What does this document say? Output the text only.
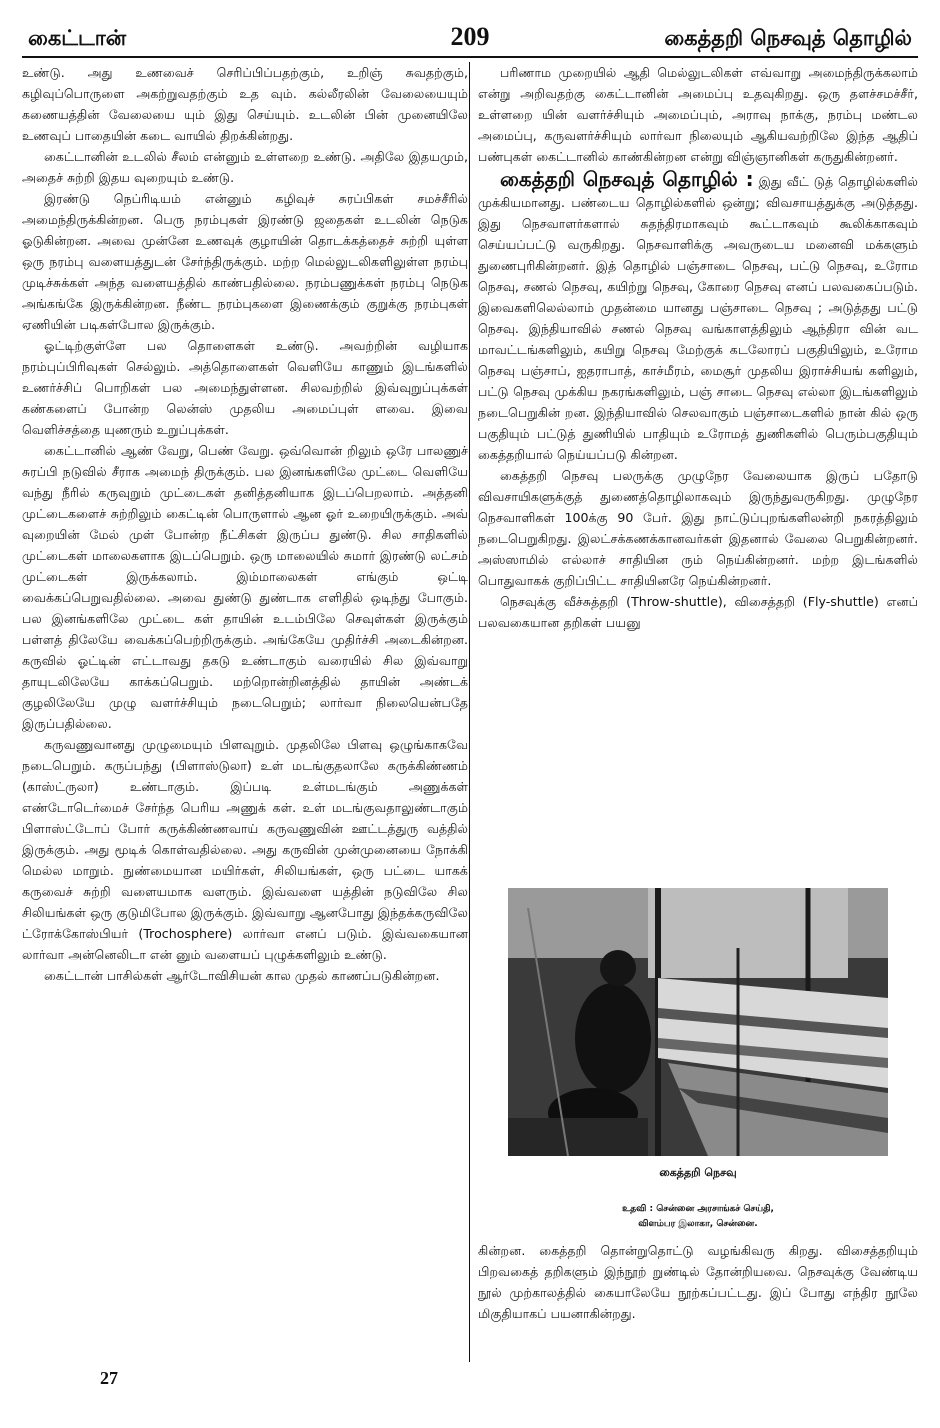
கைட்டான்	209	கைத்தறி நெசவுத் தொழில்

உண்டு. அது உணவைச் செரிப்பிப்பதற்கும், உறிஞ் சுவதற்கும், கழிவுப்பொருளை அகற்றுவதற்கும் உத வும். கல்லீரலின் வேலையையும் கணையத்தின் வேலையை யும் இது செய்யும். உடலின் பின் முனையிலே உணவுப் பாதையின் கடை வாயில் திறக்கின்றது.

கைட்டானின் உடலில் சீலம் என்னும் உள்ளறை உண்டு. அதிலே இதயமும், அதைச் சுற்றி இதய வுறையும் உண்டு.

இரண்டு நெப்ரிடியம் என்னும் கழிவுச் சுரப்பிகள் சமச்சீரில் அமைந்திருக்கின்றன. பெரு நரம்புகள் இரண்டு ஜதைகள் உடலின் நெடுக ஓடுகின்றன. அவை முன்னே உணவுக் குழாயின் தொடக்கத்தைச் சுற்றி யுள்ள ஒரு நரம்பு வளையத்துடன் சேர்ந்திருக்கும். மற்ற மெல்லுடலிகளிலுள்ள நரம்பு முடிச்சுக்கள் அந்த வளையத்தில் காண்பதில்லை. நரம்பணுக்கள் நரம்பு நெடுக அங்கங்கே இருக்கின்றன. நீண்ட நரம்புகளை இணைக்கும் குறுக்கு நரம்புகள் ஏணியின் படிகள்போல இருக்கும்.

ஓட்டிற்குள்ளே பல தொளைகள் உண்டு. அவற்றின் வழியாக நரம்புப்பிரிவுகள் செல்லும். அத்தொளைகள் வெளியே காணும் இடங்களில் உணர்ச்சிப் பொறிகள் பல அமைந்துள்ளன. சிலவற்றில் இவ்வுறுப்புக்கள் கண்களைப் போன்ற லென்ஸ் முதலிய அமைப்புள் ளவை. இவை வெளிச்சத்தை யுணரும் உறுப்புக்கள்.

கைட்டானில் ஆண் வேறு, பெண் வேறு. ஒவ்வொன் றிலும் ஒரே பாலணுச் சுரப்பி நடுவில் சீராக அமைந் திருக்கும். பல இனங்களிலே முட்டை வெளியே வந்து நீரில் கருவுறும் முட்டைகள் தனித்தனியாக இடப்பெறலாம். அத்தனி முட்டைகளைச் சுற்றிலும் கைட்டின் பொருளால் ஆன ஓர் உறையிருக்கும். அவ் வுறையின் மேல் முள் போன்ற நீட்சிகள் இருப்ப துண்டு. சில சாதிகளில் முட்டைகள் மாலைகளாக இடப்பெறும். ஒரு மாலையில் சுமார் இரண்டு லட்சம் முட்டைகள் இருக்கலாம். இம்மாலைகள் எங்கும் ஒட்டி வைக்கப்பெறுவதில்லை. அவை துண்டு துண்டாக எளிதில் ஒடிந்து போகும். பல இனங்களிலே முட்டை கள் தாயின் உடம்பிலே செவுள்கள் இருக்கும் பள்ளத் திலேயே வைக்கப்பெற்றிருக்கும். அங்கேயே முதிர்ச்சி அடைகின்றன. கருவில் ஓட்டின் எட்டாவது தகடு உண்டாகும் வரையில் சில இவ்வாறு தாயுடலிலேயே காக்கப்பெறும். மற்றொன்றினத்தில் தாயின் அண்டக் குழலிலேயே முழு வளர்ச்சியும் நடைபெறும்; லார்வா நிலையென்பதே இருப்பதில்லை.

கருவணுவானது முழுமையும் பிளவுறும். முதலிலே பிளவு ஒழுங்காகவே நடைபெறும். கருப்பந்து (பிளாஸ்டுலா) உள் மடங்குதலாலே கருக்கிண்ணம் (காஸ்ட்ருலா) உண்டாகும். இப்படி உள்மடங்கும் அணுக்கள் எண்டோடெர்மைச் சேர்ந்த பெரிய அணுக் கள். உள் மடங்குவதாலுண்டாகும் பிளாஸ்ட்டோப் போர் கருக்கிண்ணவாய் கருவணுவின் ஊட்டத்துரு வத்தில் இருக்கும். அது மூடிக் கொள்வதில்லை. அது கருவின் முன்முனையை நோக்கி மெல்ல மாறும். நுண்மையான மயிர்கள், சிலியங்கள், ஒரு பட்டை யாகக் கருவைச் சுற்றி வளையமாக வளரும். இவ்வளை யத்தின் நடுவிலே சில சிலியங்கள் ஒரு குடுமிபோல இருக்கும். இவ்வாறு ஆனபோது இந்தக்கருவிலே ட்ரோக்கோஸ்பியர் (Trochosphere) லார்வா எனப் படும். இவ்வகையான லார்வா அன்னெலிடா என் னும் வளையப் புழுக்களிலும் உண்டு.

கைட்டான் பாசில்கள் ஆர்டோவிசியன் கால முதல் காணப்படுகின்றன.

பரிணாம முறையில் ஆதி மெல்லுடலிகள் எவ்வாறு அமைந்திருக்கலாம் என்று அறிவதற்கு கைட்டானின் அமைப்பு உதவுகிறது. ஒரு தளச்சமச்சீர், உள்ளறை யின் வளர்ச்சியும் அமைப்பும், அராவு நாக்கு, நரம்பு மண்டல அமைப்பு, கருவளர்ச்சியும் லார்வா நிலையும் ஆகியவற்றிலே இந்த ஆதிப் பண்புகள் கைட்டானில் காண்கின்றன என்று விஞ்ஞானிகள் கருதுகின்றனர்.

கைத்தறி நெசவுத் தொழில் : இது வீட் டுத் தொழில்களில் முக்கியமானது. பண்டைய தொழில்களில் ஒன்று; விவசாயத்துக்கு அடுத்தது. இது நெசவாளர்களால் சுதந்திரமாகவும் கூட்டாகவும் கூலிக்காகவும் செய்யப்பட்டு வருகிறது. நெசவாளிக்கு அவருடைய மனைவி மக்களும் துணைபுரிகின்றனர். இத் தொழில் பஞ்சாடை நெசவு, பட்டு நெசவு, உரோம நெசவு, சணல் நெசவு, கயிற்று நெசவு, கோரை நெசவு எனப் பலவகைப்படும். இவைகளிலெல்லாம் முதன்மை யானது பஞ்சாடை நெசவு ; அடுத்தது பட்டு நெசவு. இந்தியாவில் சணல் நெசவு வங்காளத்திலும் ஆந்திரா வின் வட மாவட்டங்களிலும், கயிறு நெசவு மேற்குக் கடலோரப் பகுதியிலும், உரோம நெசவு பஞ்சாப், ஐதராபாத், காச்மீரம், மைசூர் முதலிய இராச்சியங் களிலும், பட்டு நெசவு முக்கிய நகரங்களிலும், பஞ் சாடை நெசவு எல்லா இடங்களிலும் நடைபெறுகின் றன. இந்தியாவில் செலவாகும் பஞ்சாடைகளில் நான் கில் ஒரு பகுதியும் பட்டுத் துணியில் பாதியும் உரோமத் துணிகளில் பெரும்பகுதியும் கைத்தறியால் நெய்யப்படு கின்றன.

கைத்தறி நெசவு பலருக்கு முழுநேர வேலையாக இருப் பதோடு விவசாயிகளுக்குத் துணைத்தொழிலாகவும் இருந்துவருகிறது. முழுநேர நெசவாளிகள் 100க்கு 90 பேர். இது நாட்டுப்புறங்களிலன்றி நகரத்திலும் நடைபெறுகிறது. இலட்சக்கணக்கானவர்கள் இதனால் வேலை பெறுகின்றனர். அஸ்ஸாமில் எல்லாச் சாதியின ரும் நெய்கின்றனர். மற்ற இடங்களில் பொதுவாகக் குறிப்பிட்ட சாதியினரே நெய்கின்றனர்.

நெசவுக்கு வீச்சுத்தறி (Throw-shuttle), விசைத்தறி (Fly-shuttle) எனப் பலவகையான தறிகள் பயனு

கைத்தறி நெசவு
உதவி : சென்னை அரசாங்கச் செய்தி,
விளம்பர இலாகா, சென்னை.
கின்றன. கைத்தறி தொன்றுதொட்டு வழங்கிவரு கிறது. விசைத்தறியும் பிறவகைத் தறிகளும் இந்நூற் றுண்டில் தோன்றியவை. நெசவுக்கு வேண்டிய நூல் முற்காலத்தில் கையாலேயே நூற்கப்பட்டது. இப் போது எந்திர நூலே மிகுதியாகப் பயனாகின்றது.
27
